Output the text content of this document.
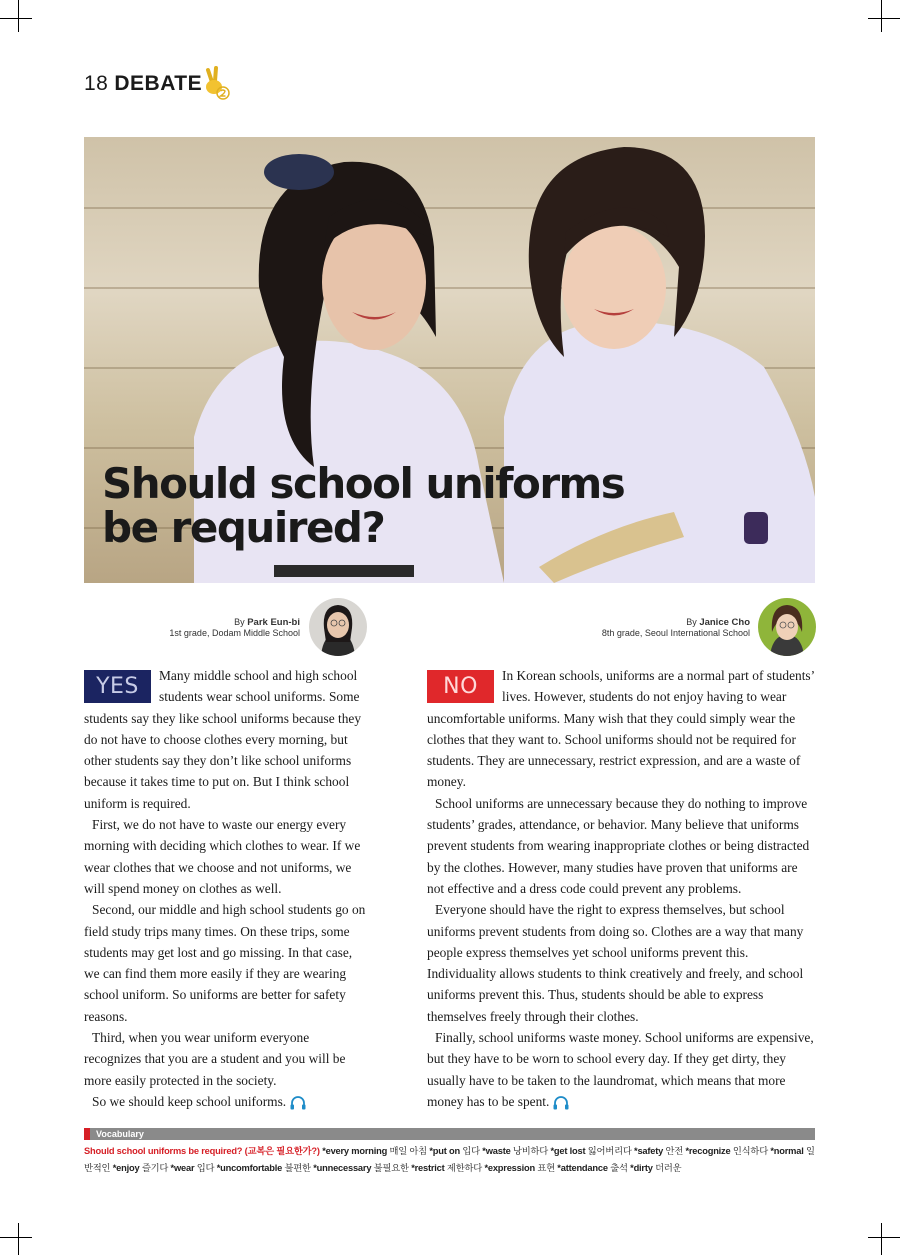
18 DEBATE
Should school uniforms
be required?
By Park Eun-bi
1st grade, Dodam Middle School
By Janice Cho
8th grade, Seoul International School
YES	Many middle school and high school students wear school uniforms. Some students say they like school uniforms because they do not have to choose clothes every morning, but other students say they don’t like school uniforms because it takes time to put on. But I think school uniform is required.

First, we do not have to waste our energy every morning with deciding which clothes to wear. If we wear clothes that we choose and not uniforms, we will spend money on clothes as well.

Second, our middle and high school students go on field study trips many times. On these trips, some students may get lost and go missing. In that case, we can find them more easily if they are wearing school uniform. So uniforms are better for safety reasons.

Third, when you wear uniform everyone recognizes that you are a student and you will be more easily protected in the society.

So we should keep school uniforms.

NO	In Korean schools, uniforms are a normal part of students’ lives. However, students do not enjoy having to wear uncomfortable uniforms. Many wish that they could simply wear the clothes that they want to. School uniforms should not be required for students. They are unnecessary, restrict expression, and are a waste of money.

School uniforms are unnecessary because they do nothing to improve students’ grades, attendance, or behavior. Many believe that uniforms prevent students from wearing inappropriate clothes or being distracted by the clothes. However, many studies have proven that uniforms are not effective and a dress code could prevent any problems.

Everyone should have the right to express themselves, but school uniforms prevent students from doing so. Clothes are a way that many people express themselves yet school uniforms prevent this. Individuality allows students to think creatively and freely, and school uniforms prevent this. Thus, students should be able to express themselves freely through their clothes.

Finally, school uniforms waste money. School uniforms are expensive, but they have to be worn to school every day. If they get dirty, they usually have to be taken to the laundromat, which means that more money has to be spent.

Vocabulary
Should school uniforms be required? (교복은 필요한가?) *every morning 매일 아침 *put on 입다 *waste 낭비하다 *get lost 잃어버리다 *safety 안전 *recognize 인식하다 *normal 일반적인 *enjoy 즐기다 *wear 입다 *uncomfortable 불편한 *unnecessary 불필요한 *restrict 제한하다 *expression 표현 *attendance 출석 *dirty 더러운
